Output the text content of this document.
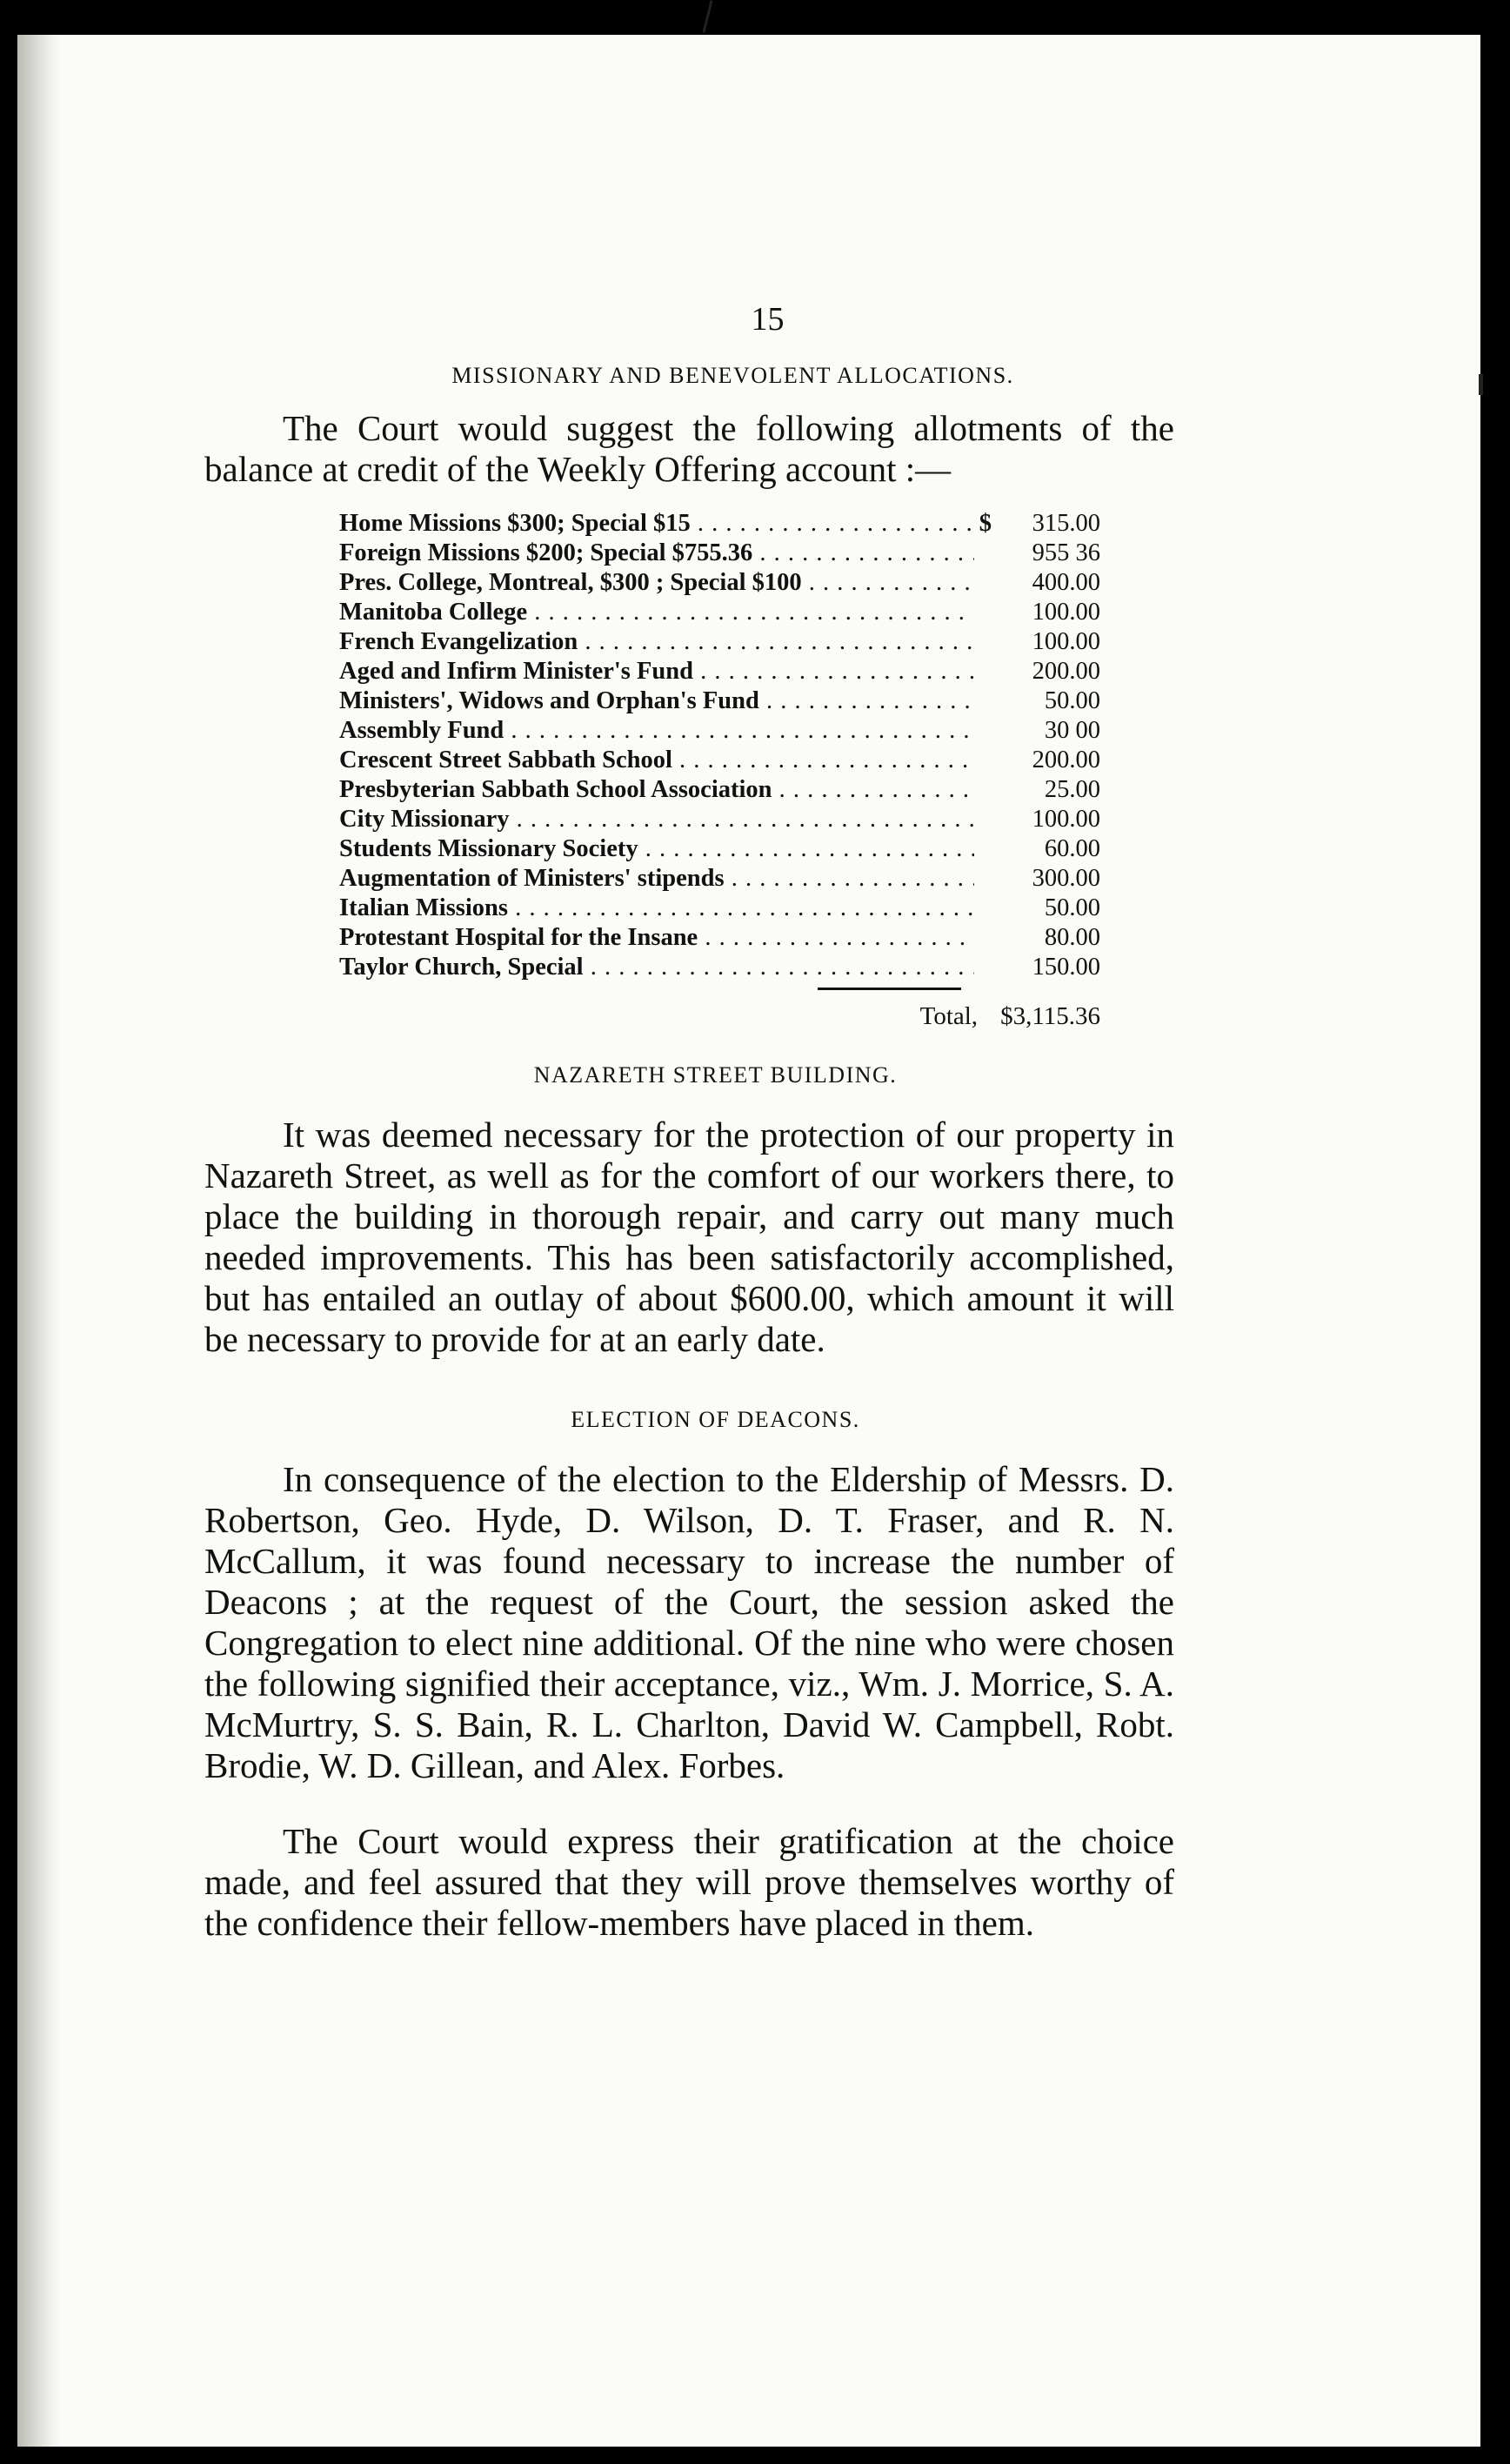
15
MISSIONARY AND BENEVOLENT ALLOCATIONS.

The Court would suggest the following allotments of the balance at credit of the Weekly Offering account :—

Home Missions $300; Special $15 . . .	$	315.00
Foreign Missions $200; Special $755.36 . . .	955 36
Pres. College, Montreal, $300 ; Special $100 . . .	400.00
Manitoba College . . .	100.00
French Evangelization . . .	100.00
Aged and Infirm Minister's Fund . . .	200.00
Ministers', Widows and Orphan's Fund . . .	50.00
Assembly Fund . . .	30 00
Crescent Street Sabbath School . . .	200.00
Presbyterian Sabbath School Association . . .	25.00
City Missionary . . .	100.00
Students Missionary Society . . .	60.00
Augmentation of Ministers' stipends . . .	300.00
Italian Missions . . .	50.00
Protestant Hospital for the Insane . . .	80.00
Taylor Church, Special . . .	150.00
Total, $3,115.36
NAZARETH STREET BUILDING.

It was deemed necessary for the protection of our property in Nazareth Street, as well as for the comfort of our workers there, to place the building in thorough repair, and carry out many much needed improvements. This has been satisfactorily accomplished, but has entailed an outlay of about $600.00, which amount it will be necessary to provide for at an early date.

ELECTION OF DEACONS.

In consequence of the election to the Eldership of Messrs. D. Robertson, Geo. Hyde, D. Wilson, D. T. Fraser, and R. N. McCallum, it was found necessary to increase the number of Deacons ; at the request of the Court, the session asked the Congregation to elect nine additional. Of the nine who were chosen the following signified their acceptance, viz., Wm. J. Morrice, S. A. McMurtry, S. S. Bain, R. L. Charlton, David W. Campbell, Robt. Brodie, W. D. Gillean, and Alex. Forbes.

The Court would express their gratification at the choice made, and feel assured that they will prove themselves worthy of the confidence their fellow-members have placed in them.
